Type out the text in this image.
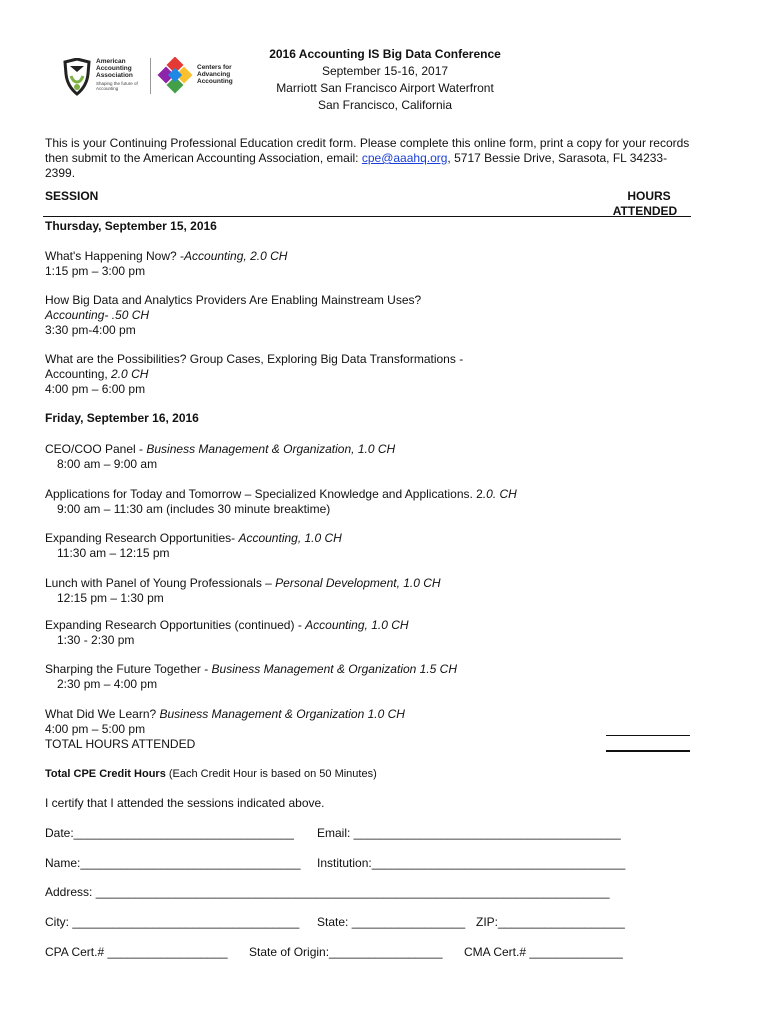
American
Accounting
Association
Shaping the future of
Accounting
Centers for
Advancing
Accounting
2016 Accounting IS Big Data Conference
September 15-16, 2017
Marriott San Francisco Airport Waterfront
San Francisco, California
This is your Continuing Professional Education credit form. Please complete this online form, print a copy for your records
then submit to the American Accounting Association, email: cpe@aaahq.org, 5717 Bessie Drive, Sarasota, FL 34233-
2399.
SESSION	HOURS
ATTENDED
Thursday, September 15, 2016
What's Happening Now? -Accounting, 2.0 CH
1:15 pm – 3:00 pm
How Big Data and Analytics Providers Are Enabling Mainstream Uses?
Accounting- .50 CH
3:30 pm-4:00 pm
What are the Possibilities? Group Cases, Exploring Big Data Transformations -
Accounting, 2.0 CH
4:00 pm – 6:00 pm
Friday, September 16, 2016
CEO/COO Panel - Business Management & Organization, 1.0 CH
8:00 am – 9:00 am
Applications for Today and Tomorrow – Specialized Knowledge and Applications. 2.0. CH
9:00 am – 11:30 am (includes 30 minute breaktime)
Expanding Research Opportunities- Accounting, 1.0 CH
11:30 am – 12:15 pm
Lunch with Panel of Young Professionals – Personal Development, 1.0 CH
12:15 pm – 1:30 pm
Expanding Research Opportunities (continued) - Accounting, 1.0 CH
1:30 - 2:30 pm
Sharping the Future Together - Business Management & Organization 1.5 CH
2:30 pm – 4:00 pm
What Did We Learn? Business Management & Organization 1.0 CH
4:00 pm – 5:00 pm
TOTAL HOURS ATTENDED
Total CPE Credit Hours (Each Credit Hour is based on 50 Minutes)
I certify that I attended the sessions indicated above.
Date:_________________________________ Email: ________________________________________
Name:_________________________________ Institution:______________________________________
Address: _____________________________________________________________________________
City: __________________________________ State: _________________ ZIP:___________________
CPA Cert.# __________________ State of Origin:_________________ CMA Cert.# ______________
